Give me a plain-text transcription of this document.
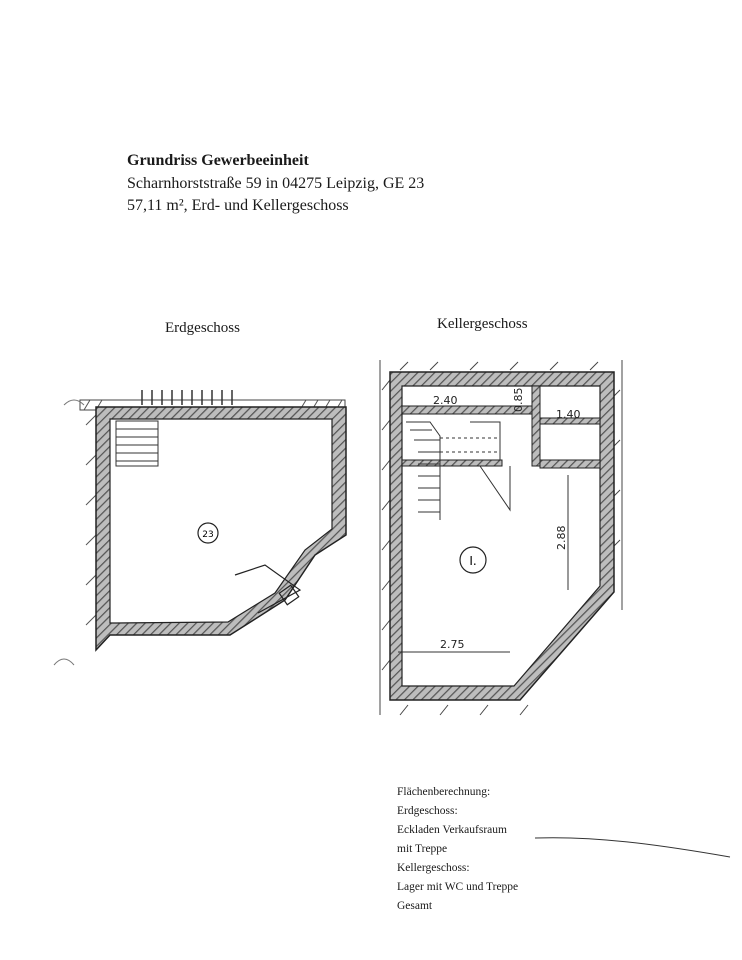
Grundriss Gewerbeeinheit
Scharnhorststraße 59 in 04275 Leipzig, GE 23
57,11 m², Erd- und Kellergeschoss
Erdgeschoss	Kellergeschoss
23
2.40	0.85
1.40
2.88
2.75
I.
Flächenberechnung:
Erdgeschoss:
Eckladen Verkaufsraum
mit Treppe
Kellergeschoss:
Lager mit WC und Treppe
Gesamt
